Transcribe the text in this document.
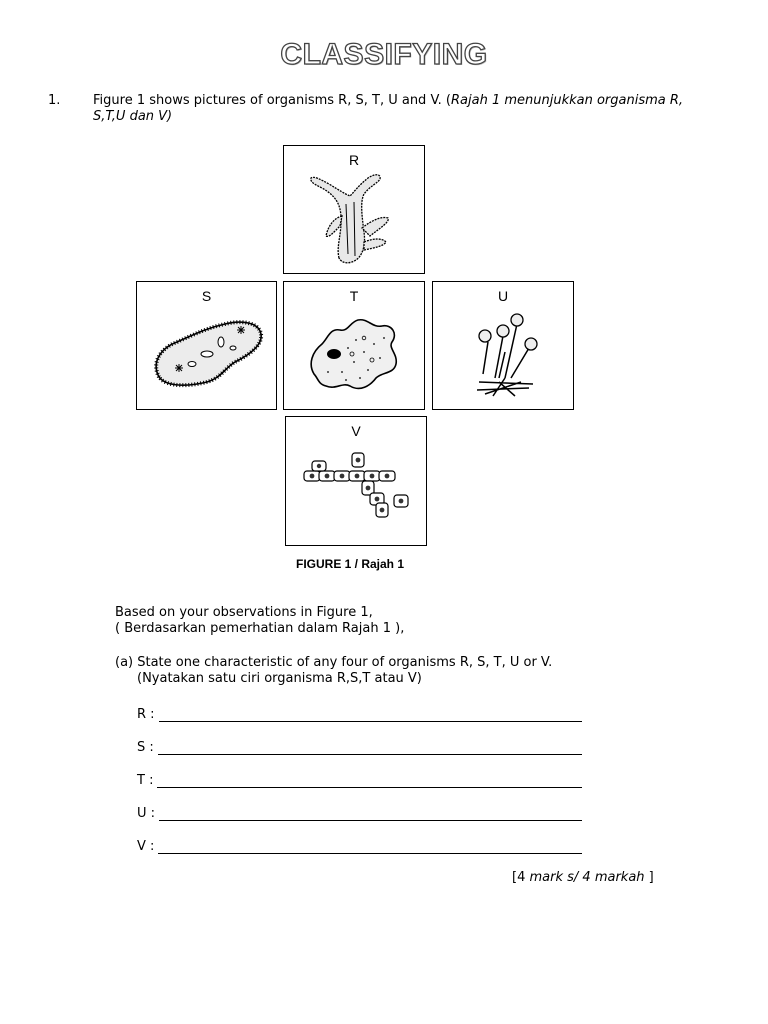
CLASSIFYING
1.	Figure 1 shows pictures of organisms R, S, T, U and V. (Rajah 1 menunjukkan organisma R, S,T,U dan V)
R
S	T	U
V
FIGURE 1 / Rajah 1
Based on your observations in Figure 1,
( Berdasarkan pemerhatian dalam Rajah 1 ),
(a) State one characteristic of any four of organisms R, S, T, U or V.
(Nyatakan satu ciri organisma R,S,T atau V)
R :
S :
T :
U :
V :
[4 mark s/ 4 markah ]
